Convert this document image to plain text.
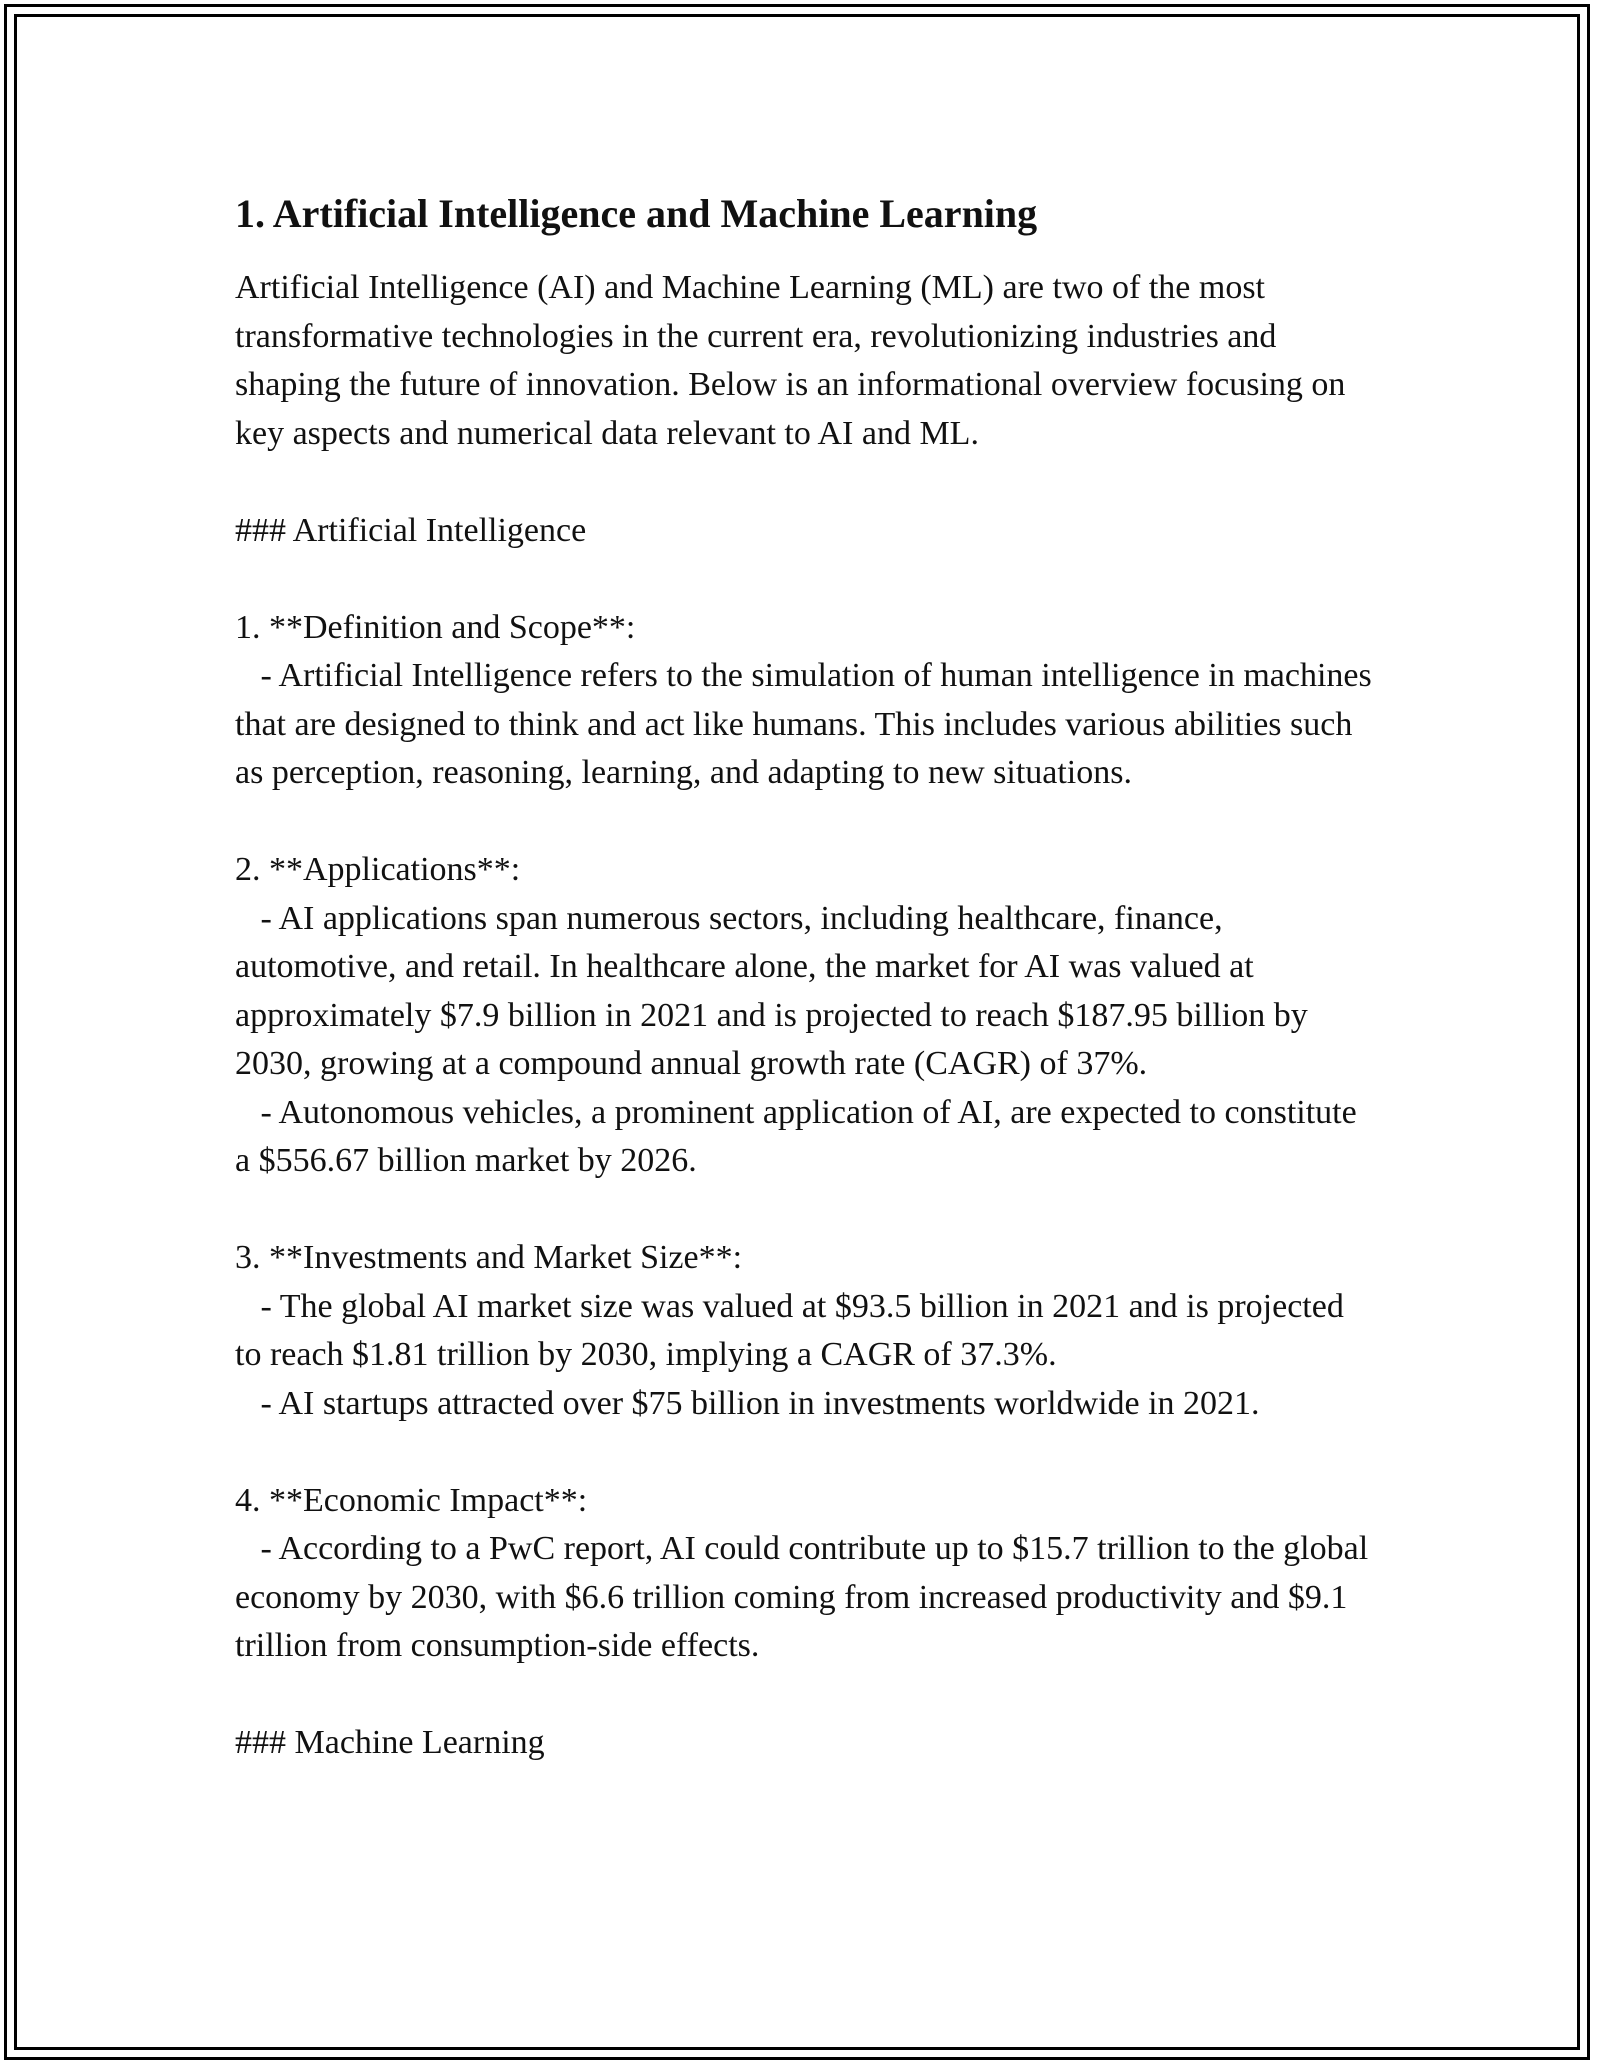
1. Artificial Intelligence and Machine Learning

Artificial Intelligence (AI) and Machine Learning (ML) are two of the most transformative technologies in the current era, revolutionizing industries and shaping the future of innovation. Below is an informational overview focusing on key aspects and numerical data relevant to AI and ML.

### Artificial Intelligence

1. **Definition and Scope**:

- Artificial Intelligence refers to the simulation of human intelligence in machines that are designed to think and act like humans. This includes various abilities such as perception, reasoning, learning, and adapting to new situations.

2. **Applications**:

- AI applications span numerous sectors, including healthcare, finance, automotive, and retail. In healthcare alone, the market for AI was valued at approximately $7.9 billion in 2021 and is projected to reach $187.95 billion by 2030, growing at a compound annual growth rate (CAGR) of 37%.

- Autonomous vehicles, a prominent application of AI, are expected to constitute a $556.67 billion market by 2026.

3. **Investments and Market Size**:

- The global AI market size was valued at $93.5 billion in 2021 and is projected to reach $1.81 trillion by 2030, implying a CAGR of 37.3%.

- AI startups attracted over $75 billion in investments worldwide in 2021.

4. **Economic Impact**:

- According to a PwC report, AI could contribute up to $15.7 trillion to the global economy by 2030, with $6.6 trillion coming from increased productivity and $9.1 trillion from consumption-side effects.

### Machine Learning
